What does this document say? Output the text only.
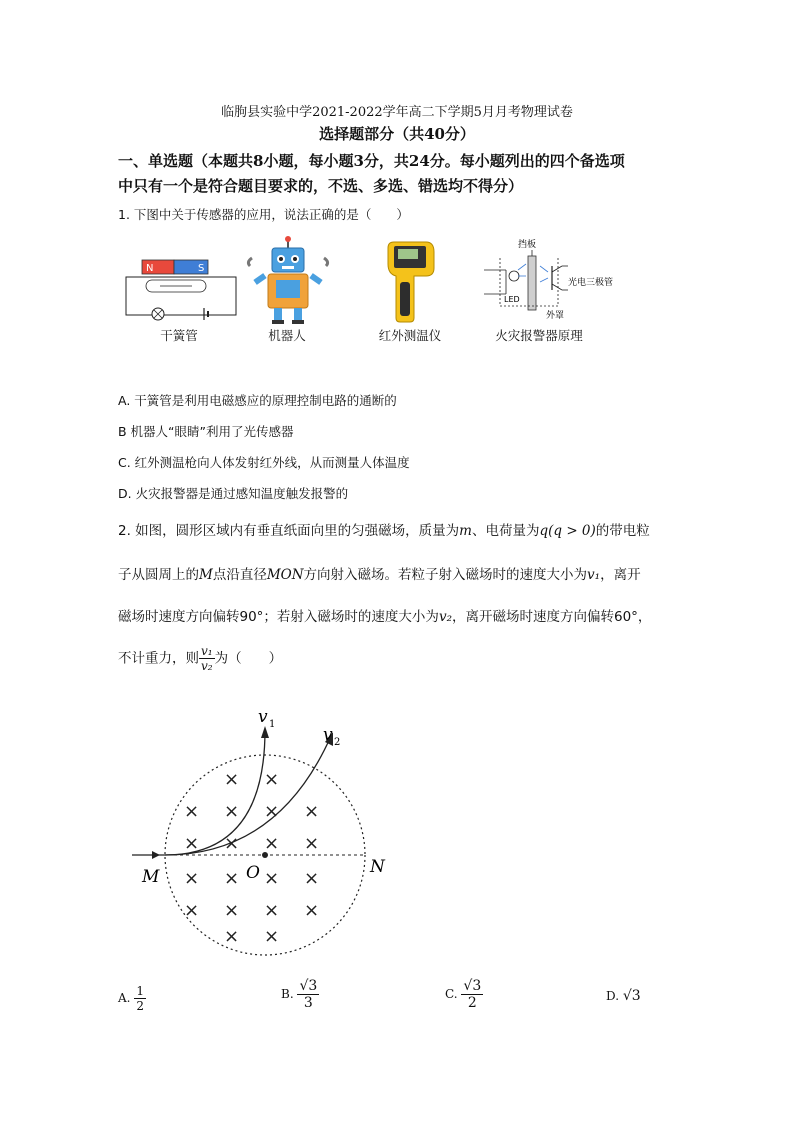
临朐县实验中学2021-2022学年高二下学期5月月考物理试卷
选择题部分（共40分）
一、单选题（本题共8小题，每小题3分，共24分。每小题列出的四个备选项
中只有一个是符合题目要求的，不选、多选、错选均不得分）
1. 下图中关于传感器的应用，说法正确的是（　　）
N	S
干簧管	机器人	红外测温仪
挡板
LED
光电三极管
外罩
火灾报警器原理
A. 干簧管是利用电磁感应的原理控制电路的通断的
B 机器人“眼睛”利用了光传感器
C. 红外测温枪向人体发射红外线，从而测量人体温度
D. 火灾报警器是通过感知温度触发报警的
2. 如图，圆形区域内有垂直纸面向里的匀强磁场，质量为m、电荷量为q(q > 0)的带电粒
子从圆周上的M点沿直径MON方向射入磁场。若粒子射入磁场时的速度大小为v₁，离开
磁场时速度方向偏转90°；若射入磁场时的速度大小为v₂，离开磁场时速度方向偏转60°，
不计重力，则 $\frac{\text{v₁}}{\text{v₂}}$ 为（　　）
v 1
v 2
M	O	N
× ×
× × × ×
× × × ×
× × × ×
× × × ×
× ×
A. $\frac{1}{2}$	B. $\frac{√3}{3}$	C. $\frac{√3}{2}$	D. √3
